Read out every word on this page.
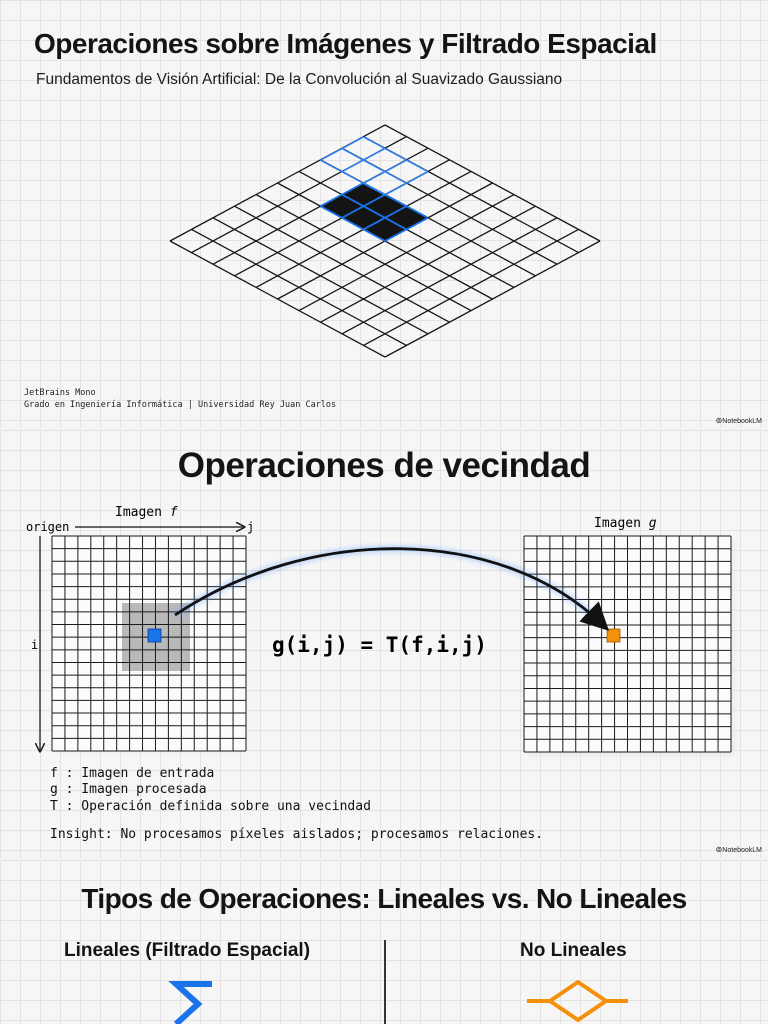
Operaciones sobre Imágenes y Filtrado Espacial
Fundamentos de Visión Artificial: De la Convolución al Suavizado Gaussiano
JetBrains Mono
Grado en Ingeniería Informática | Universidad Rey Juan Carlos
⊚ NotebookLM
Operaciones de vecindad
Imagen f
origen	j
i
Imagen g
g(i,j) = T(f,i,j)
f : Imagen de entrada
g : Imagen procesada
T : Operación definida sobre una vecindad
Insight: No procesamos píxeles aislados; procesamos relaciones.
⊚ NotebookLM
Tipos de Operaciones: Lineales vs. No Lineales
Lineales (Filtrado Espacial)	No Lineales
